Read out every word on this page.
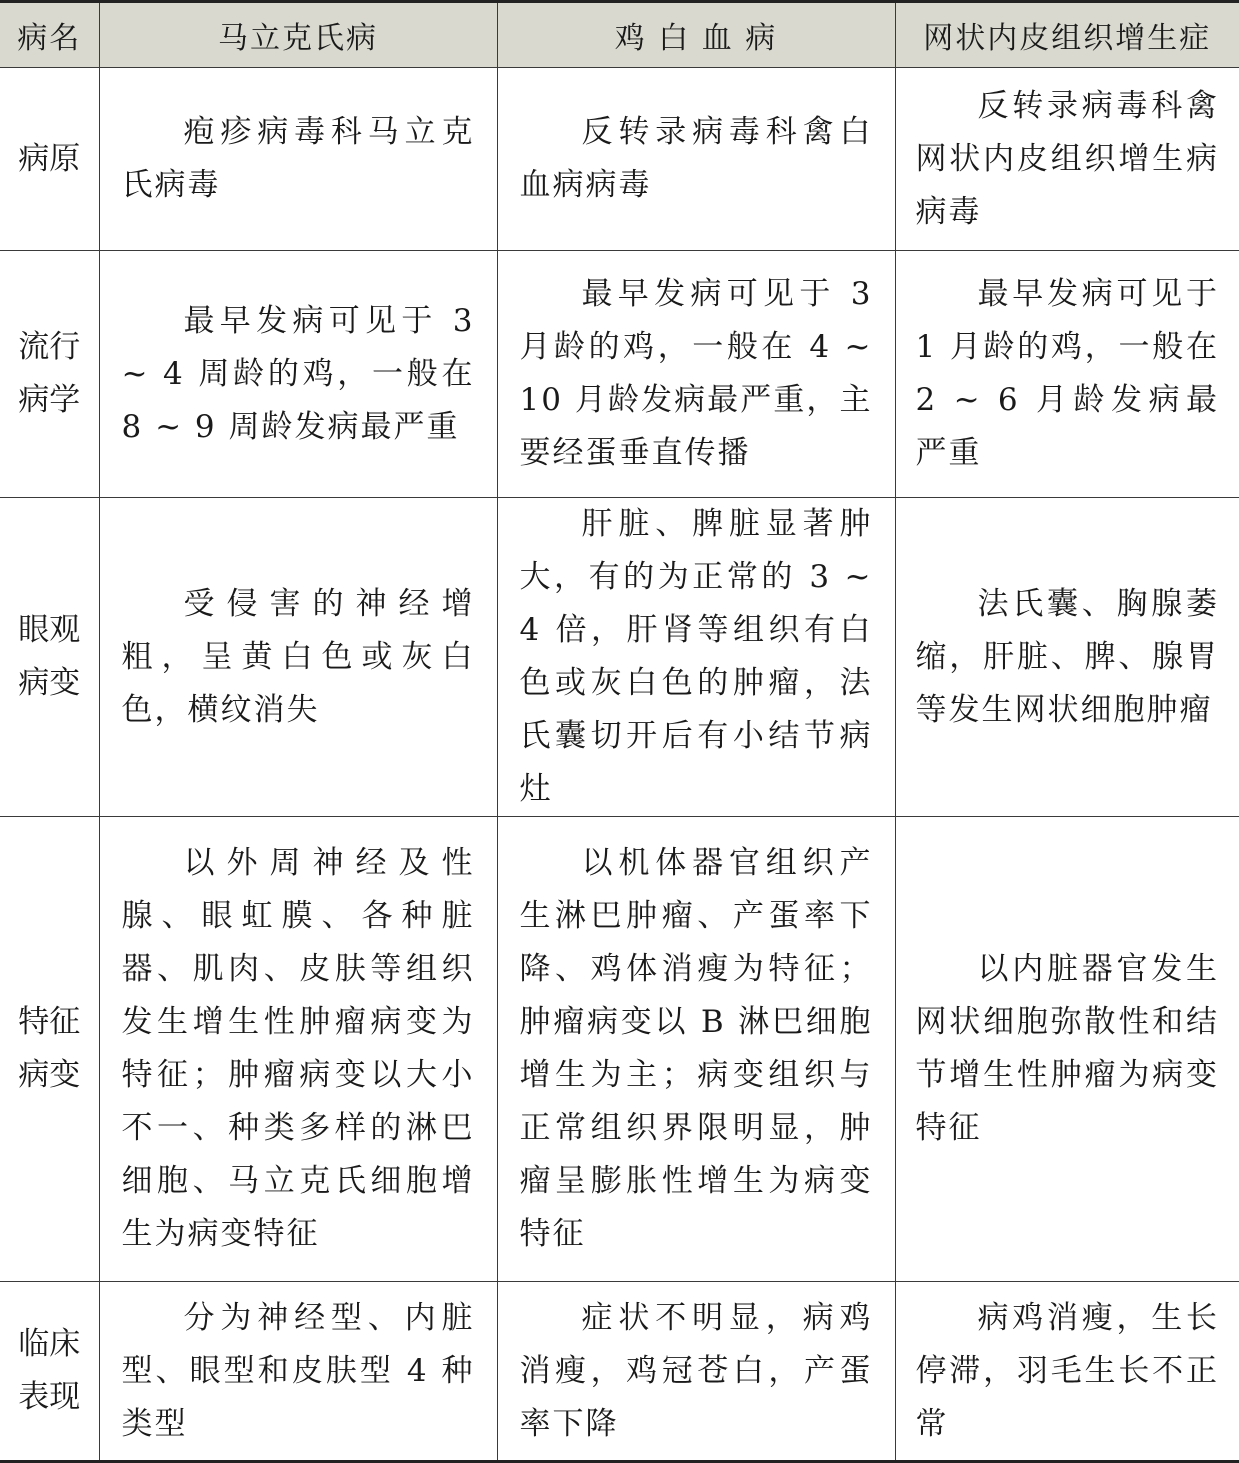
病名	马立克氏病	鸡 白 血 病	网状内皮组织增生症

病原	疱疹病毒科马立克氏病毒	反转录病毒科禽白血病病毒	反转录病毒科禽网状内皮组织增生病病毒

流行
病学	最早发病可见于 3 ~ 4 周龄的鸡，一般在 8 ~ 9 周龄发病最严重	最早发病可见于 3 月龄的鸡，一般在 4 ~ 10 月龄发病最严重，主要经蛋垂直传播	最早发病可见于 1 月龄的鸡，一般在 2 ~ 6 月龄发病最严重

眼观
病变	受侵害的神经增粗，呈黄白色或灰白色，横纹消失	肝脏、脾脏显著肿大，有的为正常的 3 ~ 4 倍，肝肾等组织有白色或灰白色的肿瘤，法氏囊切开后有小结节病灶	法氏囊、胸腺萎缩，肝脏、脾、腺胃等发生网状细胞肿瘤

特征
病变	以外周神经及性腺、眼虹膜、各种脏器、肌肉、皮肤等组织发生增生性肿瘤病变为特征；肿瘤病变以大小不一、种类多样的淋巴细胞、马立克氏细胞增生为病变特征	以机体器官组织产生淋巴肿瘤、产蛋率下降、鸡体消瘦为特征；肿瘤病变以 B 淋巴细胞增生为主；病变组织与正常组织界限明显，肿瘤呈膨胀性增生为病变特征	以内脏器官发生网状细胞弥散性和结节增生性肿瘤为病变特征

临床
表现	分为神经型、内脏型、眼型和皮肤型 4 种类型	症状不明显，病鸡消瘦，鸡冠苍白，产蛋率下降	病鸡消瘦，生长停滞，羽毛生长不正常
